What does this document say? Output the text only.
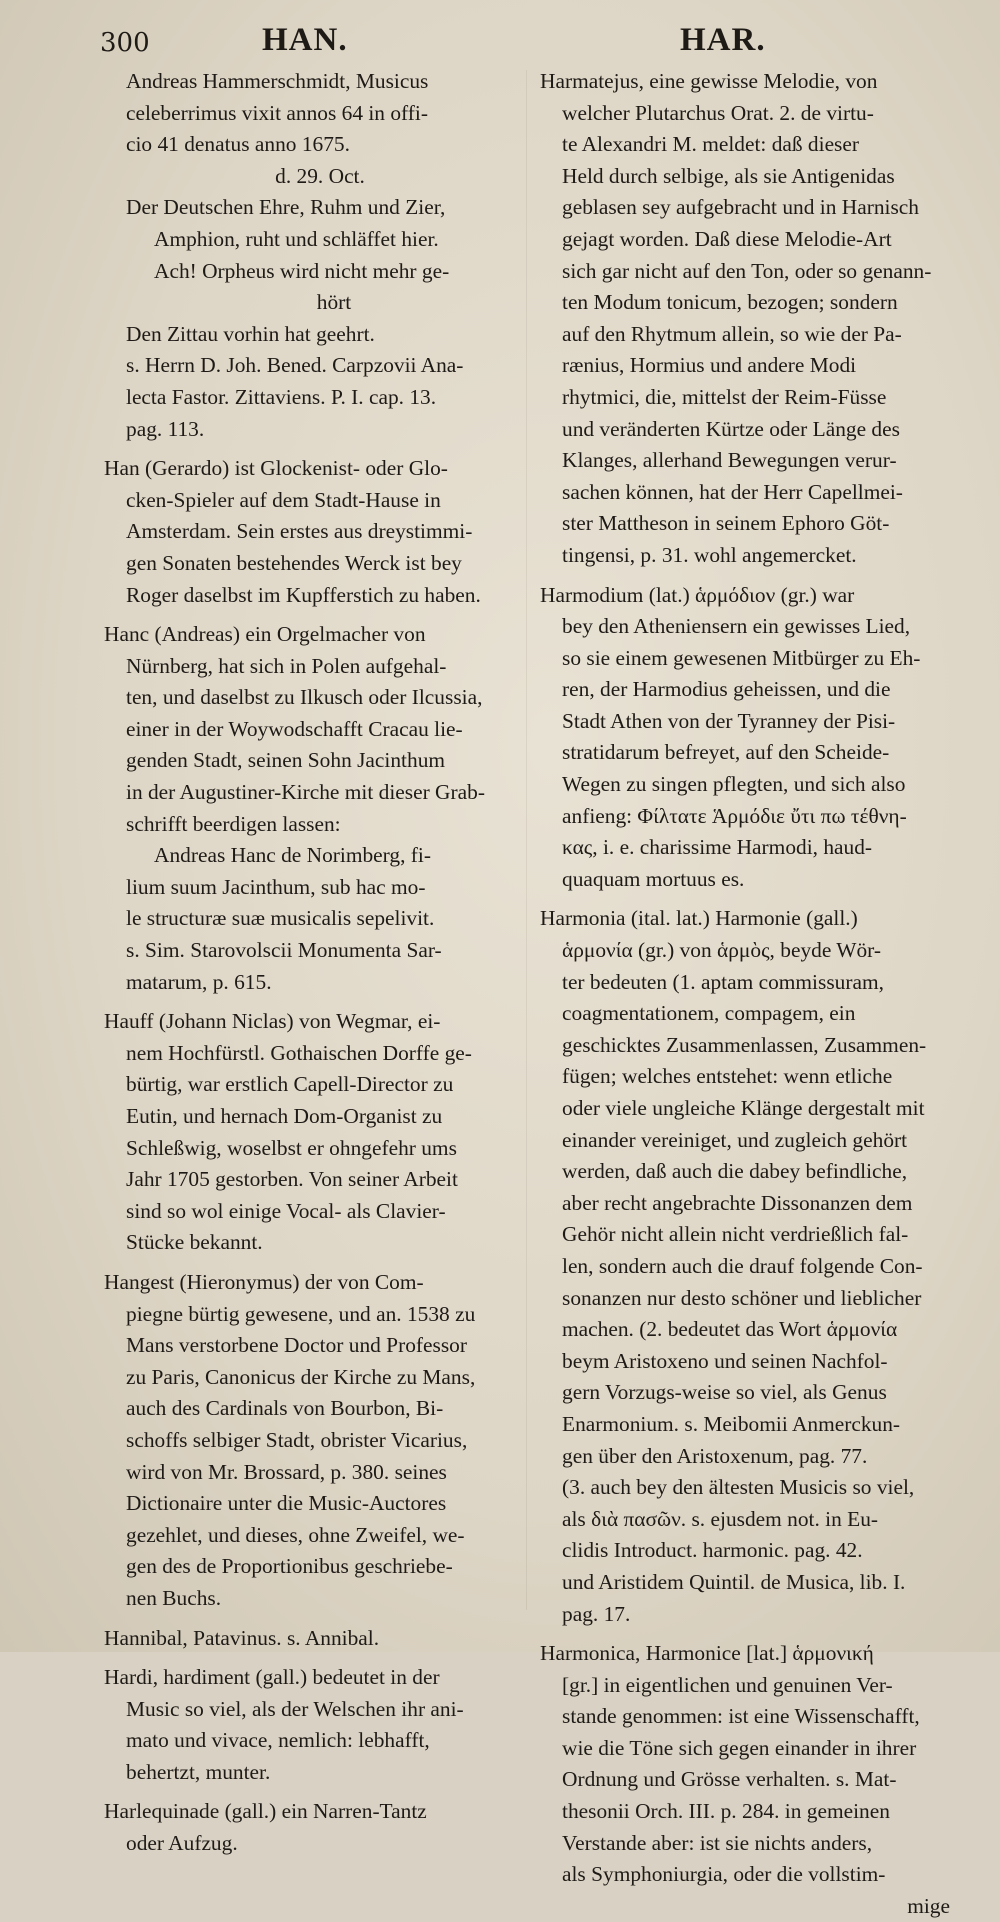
300	HAN.	HAR.
Andreas Hammerschmidt, Musicus
celeberrimus vixit annos 64 in offi-
cio 41 denatus anno 1675.
d. 29. Oct.
Der Deutschen Ehre, Ruhm und Zier,
Amphion, ruht und schläffet hier.
Ach! Orpheus wird nicht mehr ge-
hört
Den Zittau vorhin hat geehrt.
s. Herrn D. Joh. Bened. Carpzovii Ana-
lecta Fastor. Zittaviens. P. I. cap. 13.
pag. 113.
Han (Gerardo) ist Glockenist- oder Glo-
cken-Spieler auf dem Stadt-Hause in
Amsterdam. Sein erstes aus dreystimmi-
gen Sonaten bestehendes Werck ist bey
Roger daselbst im Kupfferstich zu haben.
Hanc (Andreas) ein Orgelmacher von
Nürnberg, hat sich in Polen aufgehal-
ten, und daselbst zu Ilkusch oder Ilcussia,
einer in der Woywodschafft Cracau lie-
genden Stadt, seinen Sohn Jacinthum
in der Augustiner-Kirche mit dieser Grab-
schrifft beerdigen lassen:
Andreas Hanc de Norimberg, fi-
lium suum Jacinthum, sub hac mo-
le structuræ suæ musicalis sepelivit.
s. Sim. Starovolscii Monumenta Sar-
matarum, p. 615.
Hauff (Johann Niclas) von Wegmar, ei-
nem Hochfürstl. Gothaischen Dorffe ge-
bürtig, war erstlich Capell-Director zu
Eutin, und hernach Dom-Organist zu
Schleßwig, woselbst er ohngefehr ums
Jahr 1705 gestorben. Von seiner Arbeit
sind so wol einige Vocal- als Clavier-
Stücke bekannt.
Hangest (Hieronymus) der von Com-
piegne bürtig gewesene, und an. 1538 zu
Mans verstorbene Doctor und Professor
zu Paris, Canonicus der Kirche zu Mans,
auch des Cardinals von Bourbon, Bi-
schoffs selbiger Stadt, obrister Vicarius,
wird von Mr. Brossard, p. 380. seines
Dictionaire unter die Music-Auctores
gezehlet, und dieses, ohne Zweifel, we-
gen des de Proportionibus geschriebe-
nen Buchs.
Hannibal, Patavinus. s. Annibal.
Hardi, hardiment (gall.) bedeutet in der
Music so viel, als der Welschen ihr ani-
mato und vivace, nemlich: lebhafft,
behertzt, munter.
Harlequinade (gall.) ein Narren-Tantz
oder Aufzug.
Harmatejus, eine gewisse Melodie, von
welcher Plutarchus Orat. 2. de virtu-
te Alexandri M. meldet: daß dieser
Held durch selbige, als sie Antigenidas
geblasen sey aufgebracht und in Harnisch
gejagt worden. Daß diese Melodie-Art
sich gar nicht auf den Ton, oder so genann-
ten Modum tonicum, bezogen; sondern
auf den Rhytmum allein, so wie der Pa-
rænius, Hormius und andere Modi
rhytmici, die, mittelst der Reim-Füsse
und veränderten Kürtze oder Länge des
Klanges, allerhand Bewegungen verur-
sachen können, hat der Herr Capellmei-
ster Mattheson in seinem Ephoro Göt-
tingensi, p. 31. wohl angemercket.
Harmodium (lat.) ἁρμόδιον (gr.) war
bey den Atheniensern ein gewisses Lied,
so sie einem gewesenen Mitbürger zu Eh-
ren, der Harmodius geheissen, und die
Stadt Athen von der Tyranney der Pisi-
stratidarum befreyet, auf den Scheide-
Wegen zu singen pflegten, und sich also
anfieng: Φίλτατε Ἁρμόδιε ὔτι πω τέθνη-
κας, i. e. charissime Harmodi, haud-
quaquam mortuus es.
Harmonia (ital. lat.) Harmonie (gall.)
ἁρμονία (gr.) von ἁρμὸς, beyde Wör-
ter bedeuten (1. aptam commissuram,
coagmentationem, compagem, ein
geschicktes Zusammenlassen, Zusammen-
fügen; welches entstehet: wenn etliche
oder viele ungleiche Klänge dergestalt mit
einander vereiniget, und zugleich gehört
werden, daß auch die dabey befindliche,
aber recht angebrachte Dissonanzen dem
Gehör nicht allein nicht verdrießlich fal-
len, sondern auch die drauf folgende Con-
sonanzen nur desto schöner und lieblicher
machen. (2. bedeutet das Wort ἁρμονία
beym Aristoxeno und seinen Nachfol-
gern Vorzugs-weise so viel, als Genus
Enarmonium. s. Meibomii Anmerckun-
gen über den Aristoxenum, pag. 77.
(3. auch bey den ältesten Musicis so viel,
als διὰ πασῶν. s. ejusdem not. in Eu-
clidis Introduct. harmonic. pag. 42.
und Aristidem Quintil. de Musica, lib. I.
pag. 17.
Harmonica, Harmonice [lat.] ἁρμονική
[gr.] in eigentlichen und genuinen Ver-
stande genommen: ist eine Wissenschafft,
wie die Töne sich gegen einander in ihrer
Ordnung und Grösse verhalten. s. Mat-
thesonii Orch. III. p. 284. in gemeinen
Verstande aber: ist sie nichts anders,
als Symphoniurgia, oder die vollstim-
mige
